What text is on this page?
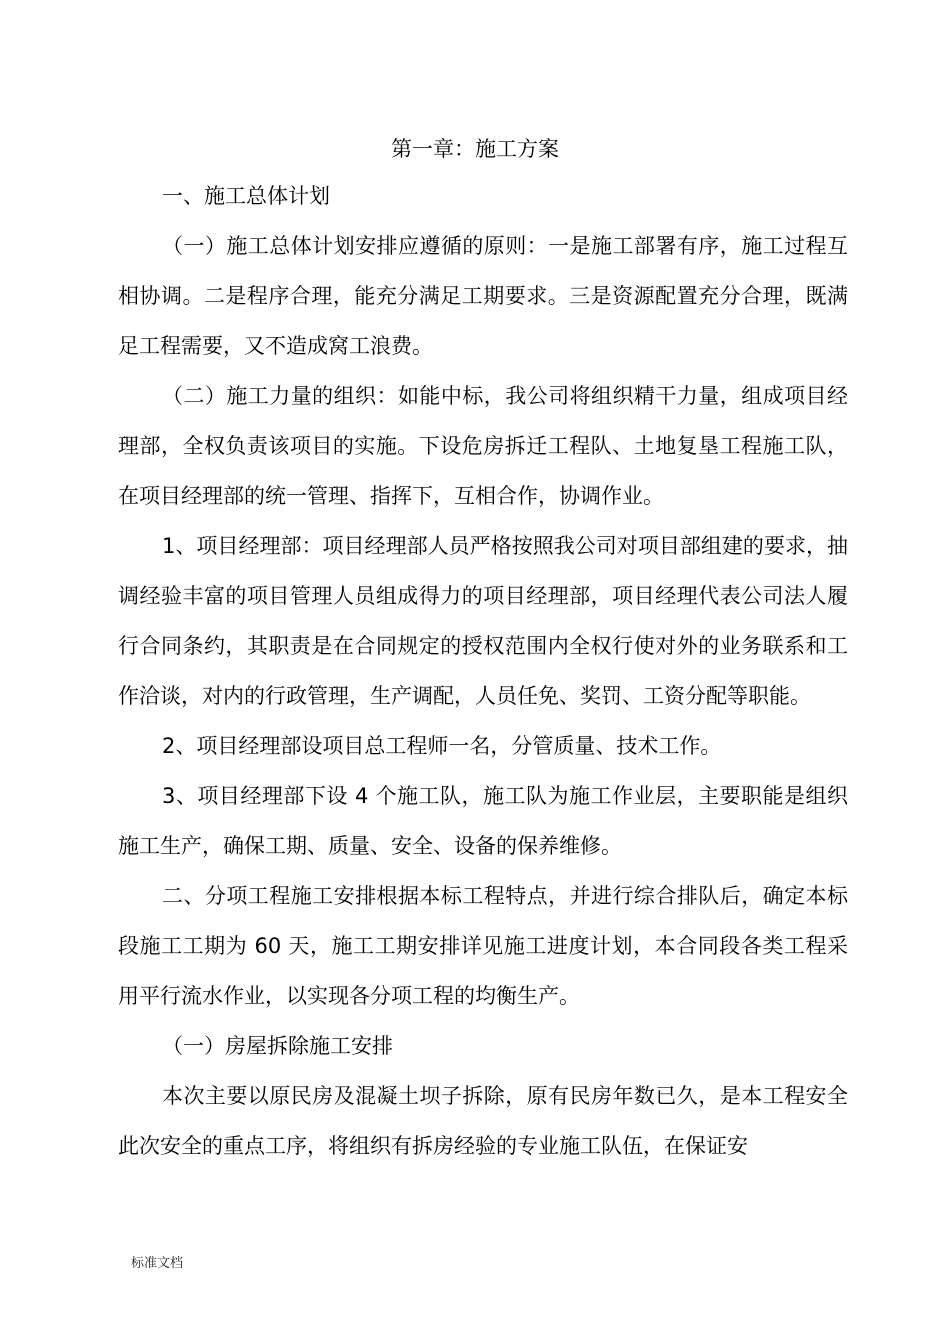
第一章：施工方案

一、施工总体计划

（一）施工总体计划安排应遵循的原则：一是施工部署有序，施工过程互相协调。二是程序合理，能充分满足工期要求。三是资源配置充分合理，既满足工程需要，又不造成窝工浪费。

（二）施工力量的组织：如能中标，我公司将组织精干力量，组成项目经理部，全权负责该项目的实施。下设危房拆迁工程队、土地复垦工程施工队，在项目经理部的统一管理、指挥下，互相合作，协调作业。

1、项目经理部：项目经理部人员严格按照我公司对项目部组建的要求，抽调经验丰富的项目管理人员组成得力的项目经理部，项目经理代表公司法人履行合同条约，其职责是在合同规定的授权范围内全权行使对外的业务联系和工作洽谈，对内的行政管理，生产调配，人员任免、奖罚、工资分配等职能。

2、项目经理部设项目总工程师一名，分管质量、技术工作。

3、项目经理部下设 4 个施工队，施工队为施工作业层，主要职能是组织施工生产，确保工期、质量、安全、设备的保养维修。

二、分项工程施工安排根据本标工程特点，并进行综合排队后，确定本标段施工工期为 60 天，施工工期安排详见施工进度计划，本合同段各类工程采用平行流水作业，以实现各分项工程的均衡生产。

（一）房屋拆除施工安排

本次主要以原民房及混凝土坝子拆除，原有民房年数已久，是本工程安全此次安全的重点工序，将组织有拆房经验的专业施工队伍，在保证安

标准文档
